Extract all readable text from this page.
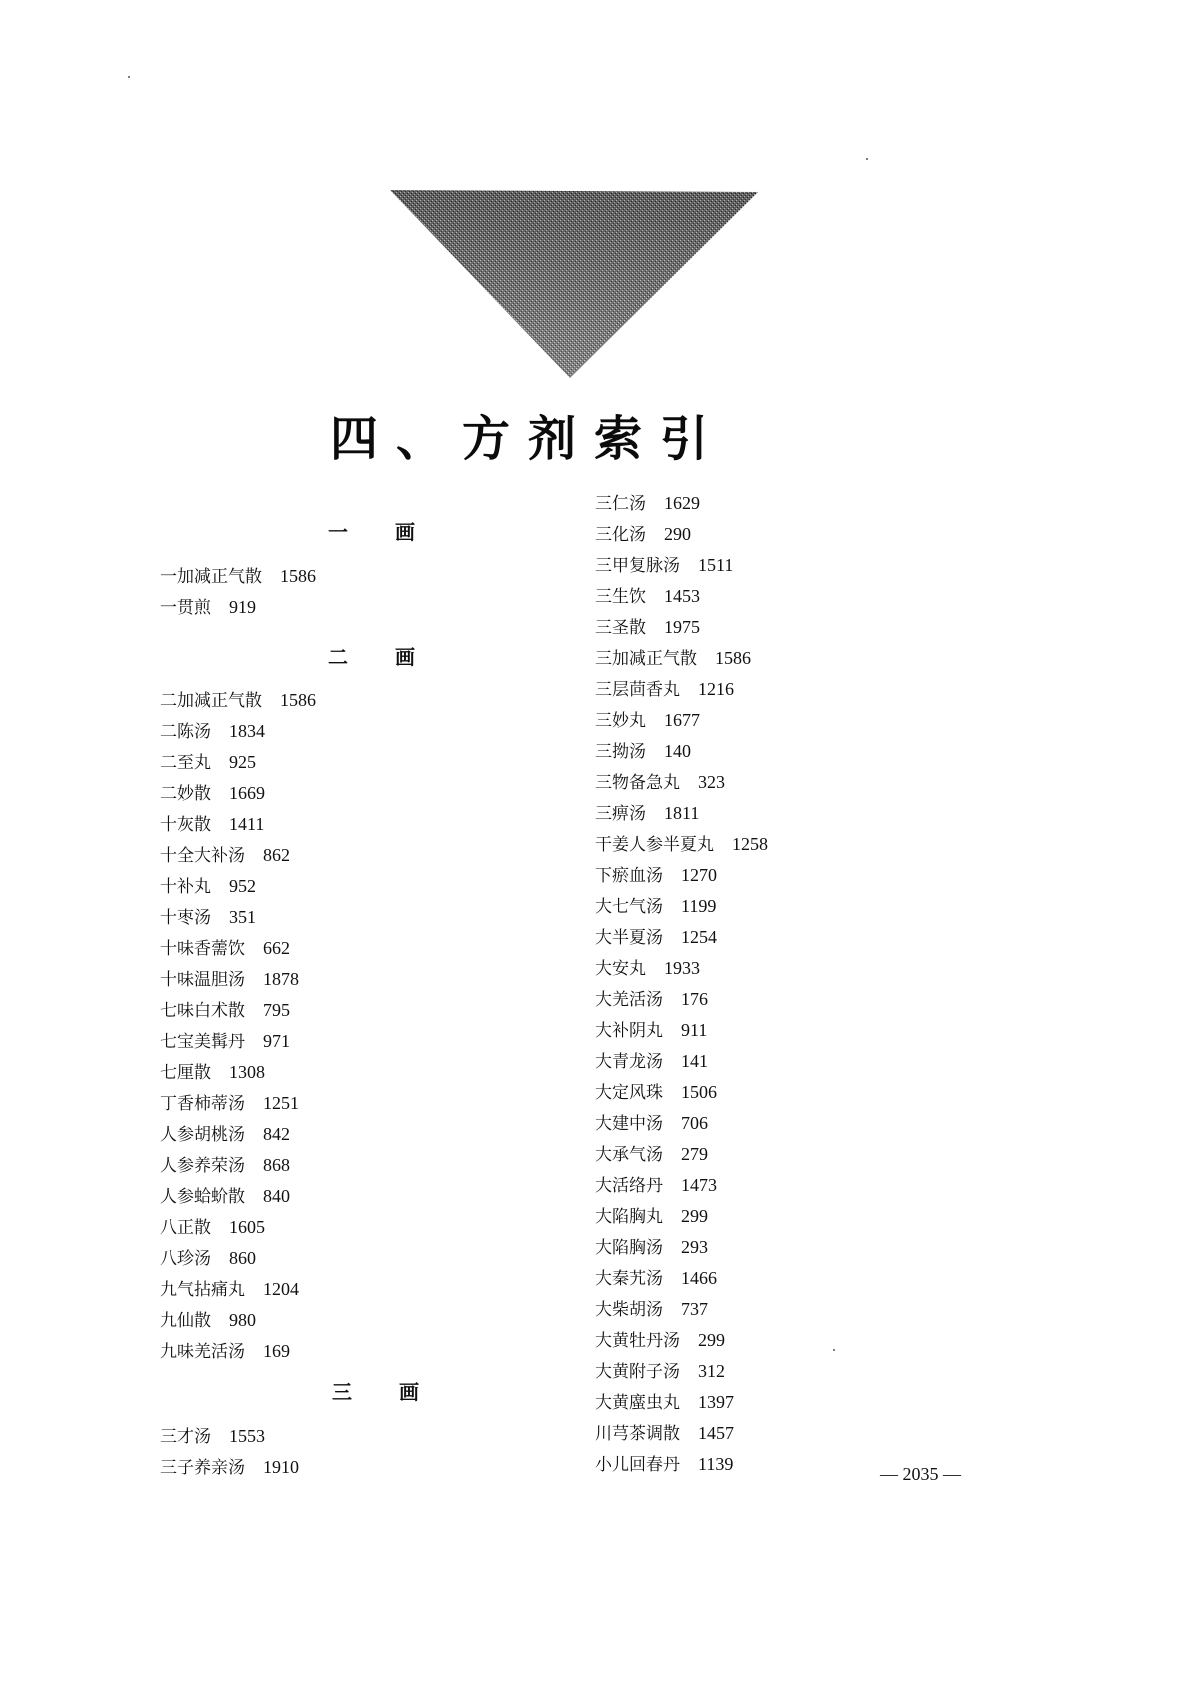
四、方剂索引
一 画
一加减正气散 1586
一贯煎 919
二 画
二加减正气散 1586
二陈汤 1834
二至丸 925
二妙散 1669
十灰散 1411
十全大补汤 862
十补丸 952
十枣汤 351
十味香薷饮 662
十味温胆汤 1878
七味白术散 795
七宝美髯丹 971
七厘散 1308
丁香柿蒂汤 1251
人参胡桃汤 842
人参养荣汤 868
人参蛤蚧散 840
八正散 1605
八珍汤 860
九气拈痛丸 1204
九仙散 980
九味羌活汤 169
三 画
三才汤 1553
三子养亲汤 1910
三仁汤 1629
三化汤 290
三甲复脉汤 1511
三生饮 1453
三圣散 1975
三加减正气散 1586
三层茴香丸 1216
三妙丸 1677
三拗汤 140
三物备急丸 323
三痹汤 1811
干姜人参半夏丸 1258
下瘀血汤 1270
大七气汤 1199
大半夏汤 1254
大安丸 1933
大羌活汤 176
大补阴丸 911
大青龙汤 141
大定风珠 1506
大建中汤 706
大承气汤 279
大活络丹 1473
大陷胸丸 299
大陷胸汤 293
大秦艽汤 1466
大柴胡汤 737
大黄牡丹汤 299
大黄附子汤 312
大黄䗪虫丸 1397
川芎茶调散 1457
小儿回春丹 1139	— 2035 —
